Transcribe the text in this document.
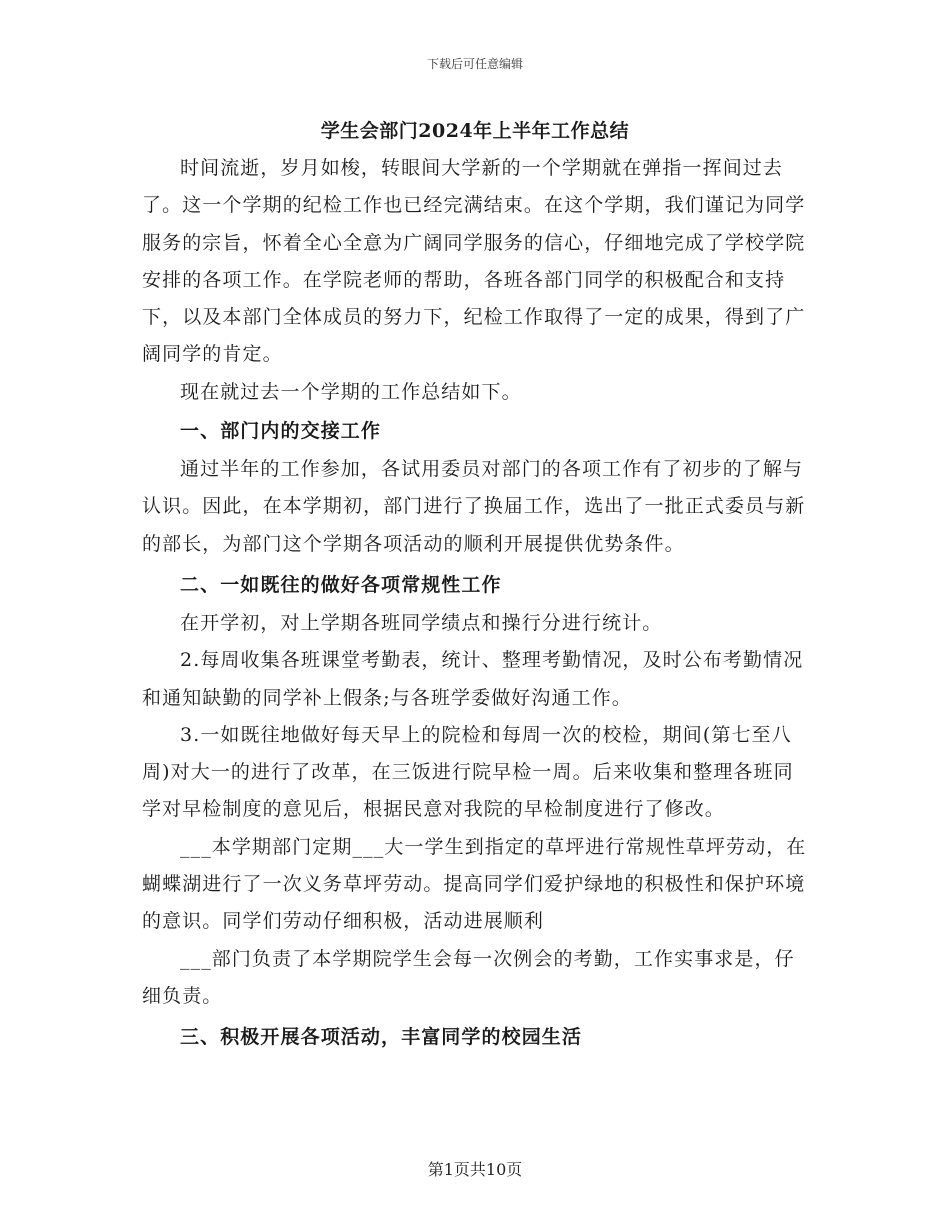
下载后可任意编辑
学生会部门2024年上半年工作总结

时间流逝，岁月如梭，转眼间大学新的一个学期就在弹指一挥间过去了。这一个学期的纪检工作也已经完满结束。在这个学期，我们谨记为同学服务的宗旨，怀着全心全意为广阔同学服务的信心，仔细地完成了学校学院安排的各项工作。在学院老师的帮助，各班各部门同学的积极配合和支持下，以及本部门全体成员的努力下，纪检工作取得了一定的成果，得到了广阔同学的肯定。

现在就过去一个学期的工作总结如下。

一、部门内的交接工作

通过半年的工作参加，各试用委员对部门的各项工作有了初步的了解与认识。因此，在本学期初，部门进行了换届工作，选出了一批正式委员与新的部长，为部门这个学期各项活动的顺利开展提供优势条件。

二、一如既往的做好各项常规性工作

在开学初，对上学期各班同学绩点和操行分进行统计。

2.每周收集各班课堂考勤表，统计、整理考勤情况，及时公布考勤情况和通知缺勤的同学补上假条;与各班学委做好沟通工作。

3.一如既往地做好每天早上的院检和每周一次的校检，期间(第七至八周)对大一的进行了改革，在三饭进行院早检一周。后来收集和整理各班同学对早检制度的意见后，根据民意对我院的早检制度进行了修改。

___本学期部门定期___大一学生到指定的草坪进行常规性草坪劳动，在蝴蝶湖进行了一次义务草坪劳动。提高同学们爱护绿地的积极性和保护环境的意识。同学们劳动仔细积极，活动进展顺利

___部门负责了本学期院学生会每一次例会的考勤，工作实事求是，仔细负责。

三、积极开展各项活动，丰富同学的校园生活

第1页共10页
